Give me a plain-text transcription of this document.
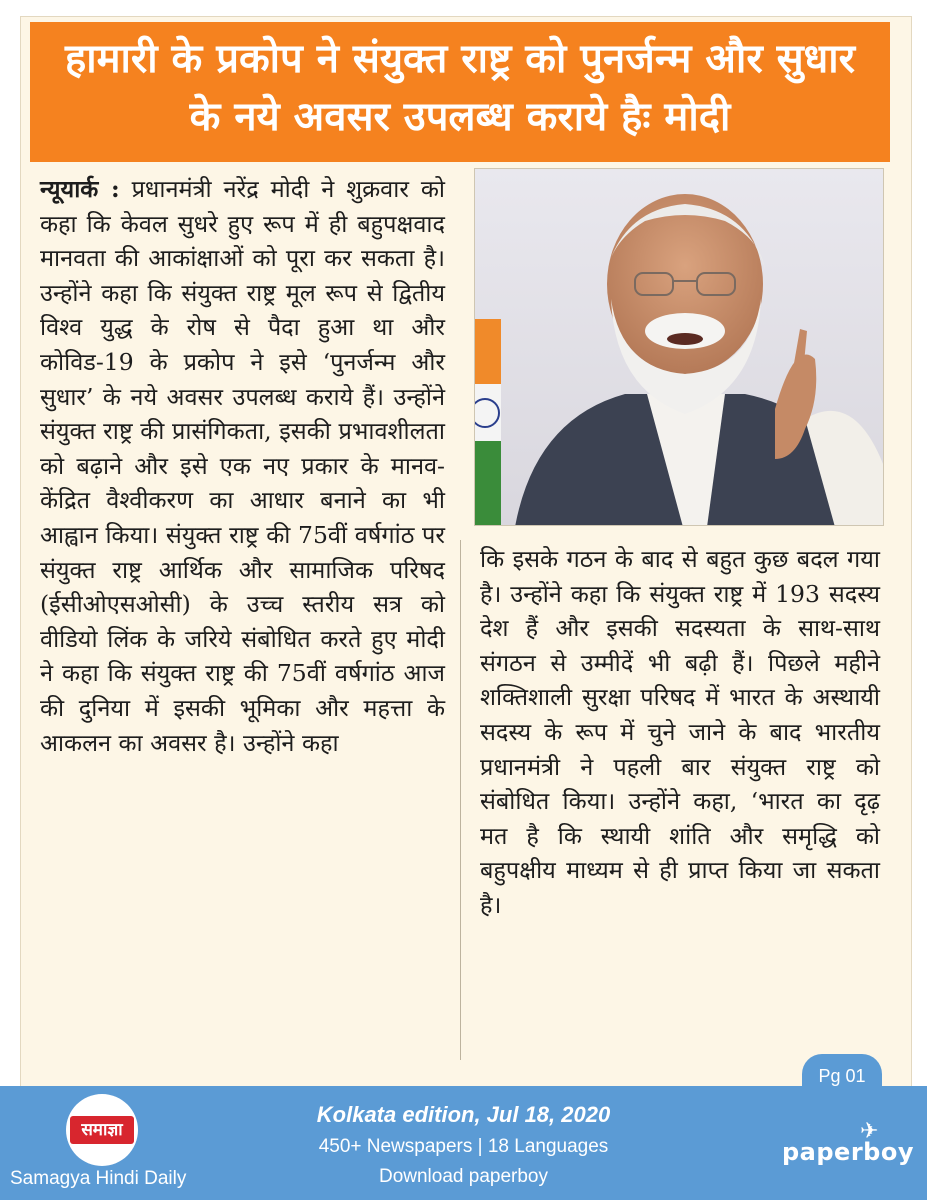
हामारी के प्रकोप ने संयुक्त राष्ट्र को पुनर्जन्म और सुधार के नये अवसर उपलब्ध कराये हैः मोदी
न्यूयार्क : प्रधानमंत्री नरेंद्र मोदी ने शुक्रवार को कहा कि केवल सुधरे हुए रूप में ही बहुपक्षवाद मानवता की आकांक्षाओं को पूरा कर सकता है। उन्होंने कहा कि संयुक्त राष्ट्र मूल रूप से द्वितीय विश्व युद्ध के रोष से पैदा हुआ था और कोविड-19 के प्रकोप ने इसे ‘पुनर्जन्म और सुधार’ के नये अवसर उपलब्ध कराये हैं। उन्होंने संयुक्त राष्ट्र की प्रासंगिकता, इसकी प्रभावशीलता को बढ़ाने और इसे एक नए प्रकार के मानव-केंद्रित वैश्वीकरण का आधार बनाने का भी आह्वान किया। संयुक्त राष्ट्र की 75वीं वर्षगांठ पर संयुक्त राष्ट्र आर्थिक और सामाजिक परिषद (ईसीओएसओसी) के उच्च स्तरीय सत्र को वीडियो लिंक के जरिये संबोधित करते हुए मोदी ने कहा कि संयुक्त राष्ट्र की 75वीं वर्षगांठ आज की दुनिया में इसकी भूमिका और महत्ता के आकलन का अवसर है। उन्होंने कहा
कि इसके गठन के बाद से बहुत कुछ बदल गया है। उन्होंने कहा कि संयुक्त राष्ट्र में 193 सदस्य देश हैं और इसकी सदस्यता के साथ-साथ संगठन से उम्मीदें भी बढ़ी हैं। पिछले महीने शक्तिशाली सुरक्षा परिषद में भारत के अस्थायी सदस्य के रूप में चुने जाने के बाद भारतीय प्रधानमंत्री ने पहली बार संयुक्त राष्ट्र को संबोधित किया। उन्होंने कहा, ‘भारत का दृढ़ मत है कि स्थायी शांति और समृद्धि को बहुपक्षीय माध्यम से ही प्राप्त किया जा सकता है।
Pg 01
समाज्ञा
Samagya Hindi Daily
Kolkata edition, Jul 18, 2020
450+ Newspapers | 18 Languages
Download paperboy
✈
paperboy
